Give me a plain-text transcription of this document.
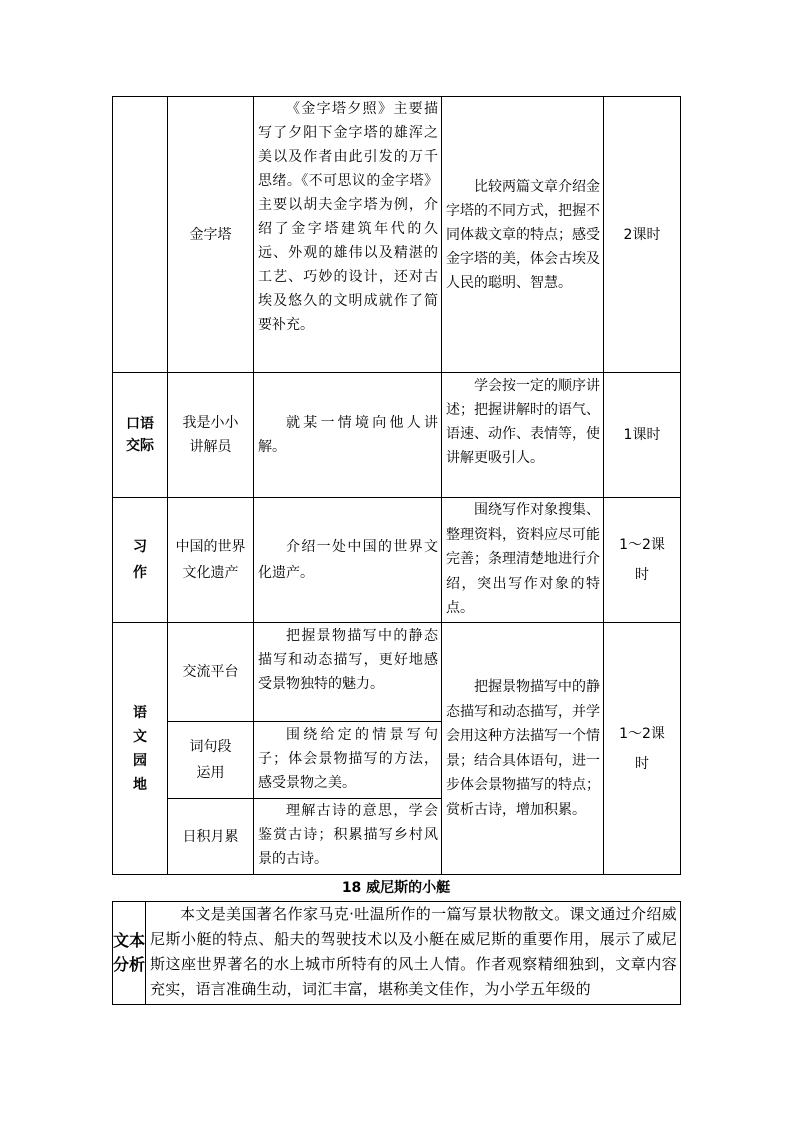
金字塔
《金字塔夕照》主要描写了夕阳下金字塔的雄浑之美以及作者由此引发的万千思绪。《不可思议的金字塔》主要以胡夫金字塔为例，介绍了金字塔建筑年代的久远、外观的雄伟以及精湛的工艺、巧妙的设计，还对古埃及悠久的文明成就作了简要补充。
比较两篇文章介绍金字塔的不同方式，把握不同体裁文章的特点；感受金字塔的美，体会古埃及人民的聪明、智慧。
2课时
口语交际
我是小小讲解员
就某一情境向他人讲解。
学会按一定的顺序讲述；把握讲解时的语气、语速、动作、表情等，使讲解更吸引人。
1课时
习作
中国的世界文化遗产
介绍一处中国的世界文化遗产。
围绕写作对象搜集、整理资料，资料应尽可能完善；条理清楚地进行介绍，突出写作对象的特点。
1～2课时
语文园地
交流平台
把握景物描写中的静态描写和动态描写，更好地感受景物独特的魅力。
词句段运用
围绕给定的情景写句子；体会景物描写的方法，感受景物之美。
日积月累
理解古诗的意思，学会鉴赏古诗；积累描写乡村风景的古诗。
把握景物描写中的静态描写和动态描写，并学会用这种方法描写一个情景；结合具体语句，进一步体会景物描写的特点；赏析古诗，增加积累。
1～2课时
18 威尼斯的小艇
文本分析
本文是美国著名作家马克·吐温所作的一篇写景状物散文。课文通过介绍威尼斯小艇的特点、船夫的驾驶技术以及小艇在威尼斯的重要作用，展示了威尼斯这座世界著名的水上城市所特有的风土人情。作者观察精细独到，文章内容充实，语言准确生动，词汇丰富，堪称美文佳作，为小学五年级的
